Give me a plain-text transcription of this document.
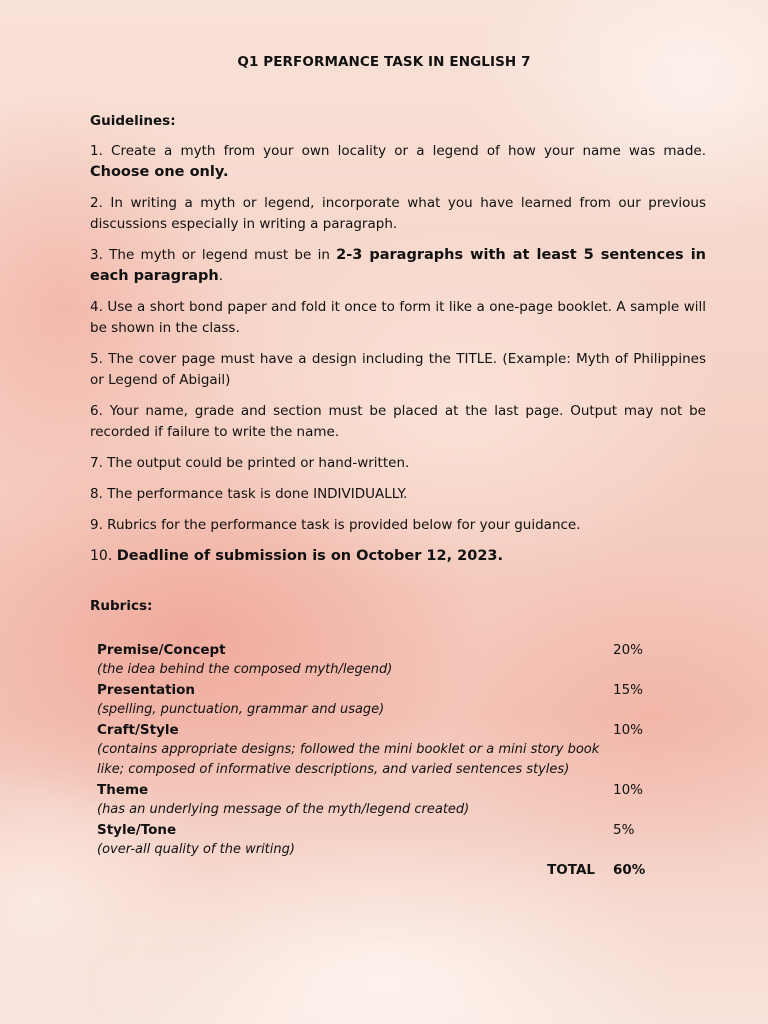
Q1 PERFORMANCE TASK IN ENGLISH 7
Guidelines:

1. Create a myth from your own locality or a legend of how your name was made. Choose one only.

2. In writing a myth or legend, incorporate what you have learned from our previous discussions especially in writing a paragraph.

3. The myth or legend must be in 2-3 paragraphs with at least 5 sentences in each paragraph.

4. Use a short bond paper and fold it once to form it like a one-page booklet. A sample will be shown in the class.

5. The cover page must have a design including the TITLE. (Example: Myth of Philippines or Legend of Abigail)

6. Your name, grade and section must be placed at the last page. Output may not be recorded if failure to write the name.

7. The output could be printed or hand-written.

8. The performance task is done INDIVIDUALLY.

9. Rubrics for the performance task is provided below for your guidance.

10. Deadline of submission is on October 12, 2023.

Rubrics:
Premise/Concept	20%
(the idea behind the composed myth/legend)
Presentation	15%
(spelling, punctuation, grammar and usage)
Craft/Style	10%
(contains appropriate designs; followed the mini booklet or a mini story book like; composed of informative descriptions, and varied sentences styles)
Theme	10%
(has an underlying message of the myth/legend created)
Style/Tone	5%
(over-all quality of the writing)
TOTAL	60%
